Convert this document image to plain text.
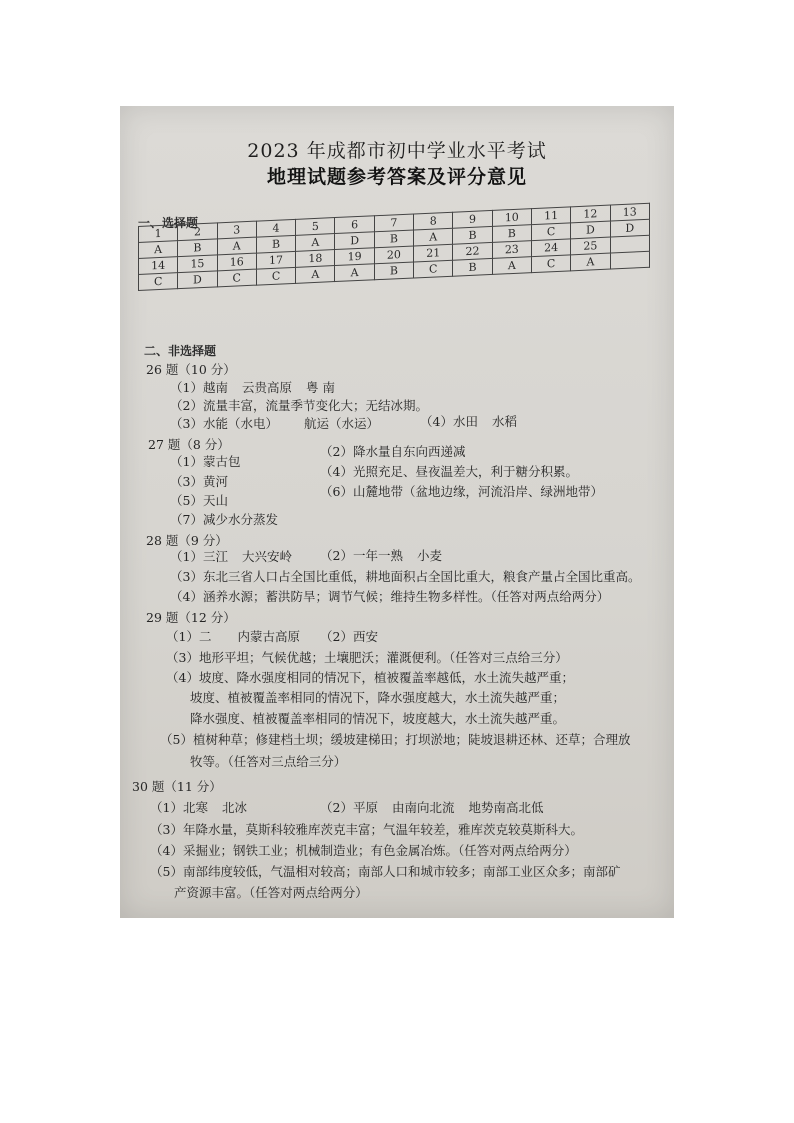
2023 年成都市初中学业水平考试
地理试题参考答案及评分意见
一、选择题
1	2	3	4	5	6	7	8	9	10	11	12	13
A	B	A	B	A	D	B	A	B	B	C	D	D
14	15	16	17	18	19	20	21	22	23	24	25	
C	D	C	C	A	A	B	C	B	A	C	A	
二、非选择题
26 题（10 分）
（1）越南 云贵高原 粤 南
（2）流量丰富，流量季节变化大；无结冰期。
（3）水能（水电） 航运（水运）	（4）水田 水稻
27 题（8 分）
（1）蒙古包
（2）降水量自东向西递减
（3）黄河
（4）光照充足、昼夜温差大，利于糖分积累。
（5）天山
（6）山麓地带（盆地边缘，河流沿岸、绿洲地带）
（7）减少水分蒸发
28 题（9 分）
（1）三江 大兴安岭 （2）一年一熟 小麦
（3）东北三省人口占全国比重低，耕地面积占全国比重大，粮食产量占全国比重高。
（4）涵养水源；蓄洪防旱；调节气候；维持生物多样性。（任答对两点给两分）
29 题（12 分）
（1）二 内蒙古高原 （2）西安
（3）地形平坦；气候优越；土壤肥沃；灌溉便利。（任答对三点给三分）
（4）坡度、降水强度相同的情况下，植被覆盖率越低，水土流失越严重；
坡度、植被覆盖率相同的情况下，降水强度越大，水土流失越严重；
降水强度、植被覆盖率相同的情况下，坡度越大，水土流失越严重。
（5）植树种草；修建档土坝；缓坡建梯田；打坝淤地；陡坡退耕还林、还草；合理放
牧等。（任答对三点给三分）
30 题（11 分）
（1）北寒 北冰	（2）平原 由南向北流 地势南高北低
（3）年降水量，莫斯科较雅库茨克丰富；气温年较差，雅库茨克较莫斯科大。
（4）采掘业；钢铁工业；机械制造业；有色金属冶炼。（任答对两点给两分）
（5）南部纬度较低，气温相对较高；南部人口和城市较多；南部工业区众多；南部矿
产资源丰富。（任答对两点给两分）
